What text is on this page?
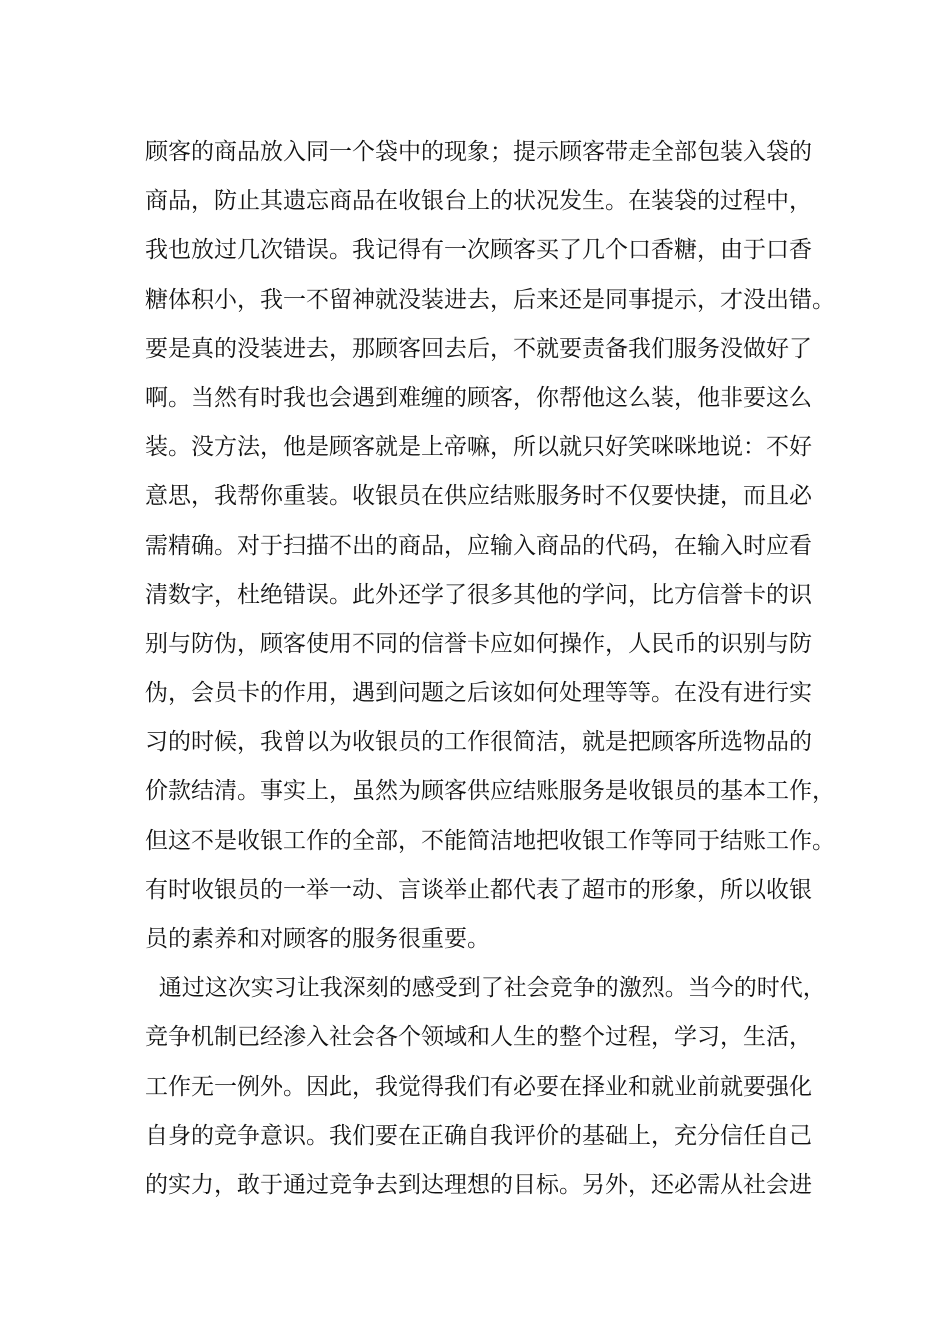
顾客的商品放入同一个袋中的现象；提示顾客带走全部包装入袋的
商品，防止其遗忘商品在收银台上的状况发生。在装袋的过程中，
我也放过几次错误。我记得有一次顾客买了几个口香糖，由于口香
糖体积小，我一不留神就没装进去，后来还是同事提示，才没出错。
要是真的没装进去，那顾客回去后，不就要责备我们服务没做好了
啊。当然有时我也会遇到难缠的顾客，你帮他这么装，他非要这么
装。没方法，他是顾客就是上帝嘛，所以就只好笑咪咪地说：不好
意思，我帮你重装。收银员在供应结账服务时不仅要快捷，而且必
需精确。对于扫描不出的商品，应输入商品的代码，在输入时应看
清数字，杜绝错误。此外还学了很多其他的学问，比方信誉卡的识
别与防伪，顾客使用不同的信誉卡应如何操作，人民币的识别与防
伪，会员卡的作用，遇到问题之后该如何处理等等。在没有进行实
习的时候，我曾以为收银员的工作很简洁，就是把顾客所选物品的
价款结清。事实上，虽然为顾客供应结账服务是收银员的基本工作，
但这不是收银工作的全部，不能简洁地把收银工作等同于结账工作。
有时收银员的一举一动、言谈举止都代表了超市的形象，所以收银
员的素养和对顾客的服务很重要。
通过这次实习让我深刻的感受到了社会竞争的激烈。当今的时代，
竞争机制已经渗入社会各个领域和人生的整个过程，学习，生活，
工作无一例外。因此，我觉得我们有必要在择业和就业前就要强化
自身的竞争意识。我们要在正确自我评价的基础上，充分信任自己
的实力，敢于通过竞争去到达理想的目标。另外，还必需从社会进
